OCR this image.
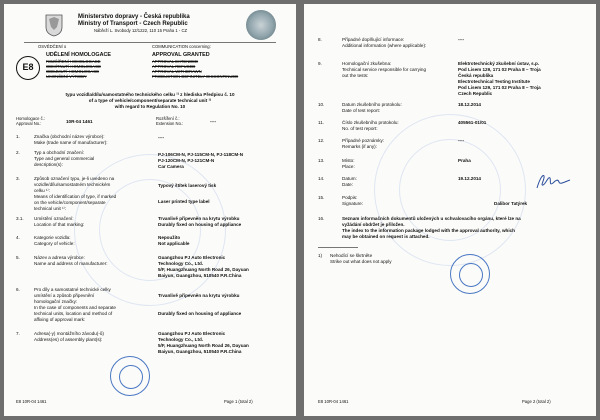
Ministerstvo dopravy - Česká republika
Ministry of Transport - Czech Republic
Nábřeží L. Svobody 12/1222, 110 15 Praha 1 - CZ
OSVĚDČENÍ o	COMMUNICATION concerning:
E8
UDĚLENÍ HOMOLOGACE
ROZŠÍŘENÍ HOMOLOGACE
ODMÍTNUTÍ HOMOLOGACE
ODEJMUTÍ HOMOLOGACE
UKONČENÍ VÝROBY
APPROVAL GRANTED
APPROVAL EXTENDED
APPROVAL REFUSED
APPROVAL WITHDRAWN
PRODUCTION DEFINITELY DISCONTINUED
typu vozidla/dílu/samostatného technického celku ¹⁾ z hlediska Předpisu č. 10
of a type of vehicle/component/separate technical unit ¹⁾
with regard to Regulation No. 10
Homologace č.:
Approval No.:	10R-04 1461
Rozšíření č.:
Extension No.:	----
1.	Značka (obchodní název výrobce):
Make (trade name of manufacturer):
----
2.	Typ a obchodní značení:
Type and general commercial
description(s):
PJ-106CM-N, PJ-115CM-N, PJ-118CM-N
PJ-120CM-N, PJ-121CM-N
Car Camera
3.	Způsob označení typu, je-li uvedeno na
vozidle/dílu/samostatném technickém
celku ¹⁾:
Typový štítek laserový tisk
Means of identification of type, if marked
on the vehicle/component/separate
technical unit ¹⁾:
Laser printed type label
3.1. Umístění označení:
Location of that marking:
Trvanlivě připevněn na krytu výrobku
Durably fixed on housing of appliance
4.	Kategorie vozidla:
Category of vehicle:
Nepoužito
Not applicable
5.	Název a adresa výrobce:
Name and address of manufacturer:
Guangzhou PJ Auto Electronic
Technology Co., Ltd.
5/F, Huangzhuang North Road 26, Dayuan
Baiyun, Guangzhou, 510540 P.R.China
6.	Pro díly a samostatné technické celky
umístění a způsob připevnění
homologační značky:
Trvanlivě připevněn na krytu výrobku
In the case of components and separate
technical units, location and method of
affixing of approval mark:
Durably fixed on housing of appliance
7.	Adresa(-y) montážního závodu(-ů)
Address(es) of assembly plant(s):
Guangzhou PJ Auto Electronic
Technology Co., Ltd.
5/F, Huangzhuang North Road 26, Dayuan
Baiyun, Guangzhou, 510540 P.R.China
E8 10R-04 1461	Page 1 (total 2)
8.	Případné doplňující informace:
Additional information (where applicable):
----
9.	Homologační zkušebna:
Technical service responsible for carrying
out the tests:
Elektrotechnický zkušební ústav, s.p.
Pod Lisem 129, 171 02 Praha 8 – Troja
Česká republika
Electrotechnical Testing Institute
Pod Lisem 129, 171 02 Praha 8 – Troja
Czech Republic
10.	Datum zkušebního protokolu:
Date of test report:
18.12.2014
11.	Číslo zkušebního protokolu:
No. of test report:
405561-01/01
12.	Případné poznámky:
Remarks (if any):
----
13.	Místo:
Place:
Praha
14.	Datum:
Date:
19.12.2014
15.	Podpis:
Signature:	Dalibor Tatýrek
16.	Seznam informačních dokumentů uložených u schvalovacího orgánu, které lze na
vyžádání obdržet je přiložen.
The index to the information package lodged with the approval authority, which
may be obtained on request is attached.
1) Nehodící se škrtněte
Strike out what does not apply
E8 10R-04 1461	Page 2 (total 2)
